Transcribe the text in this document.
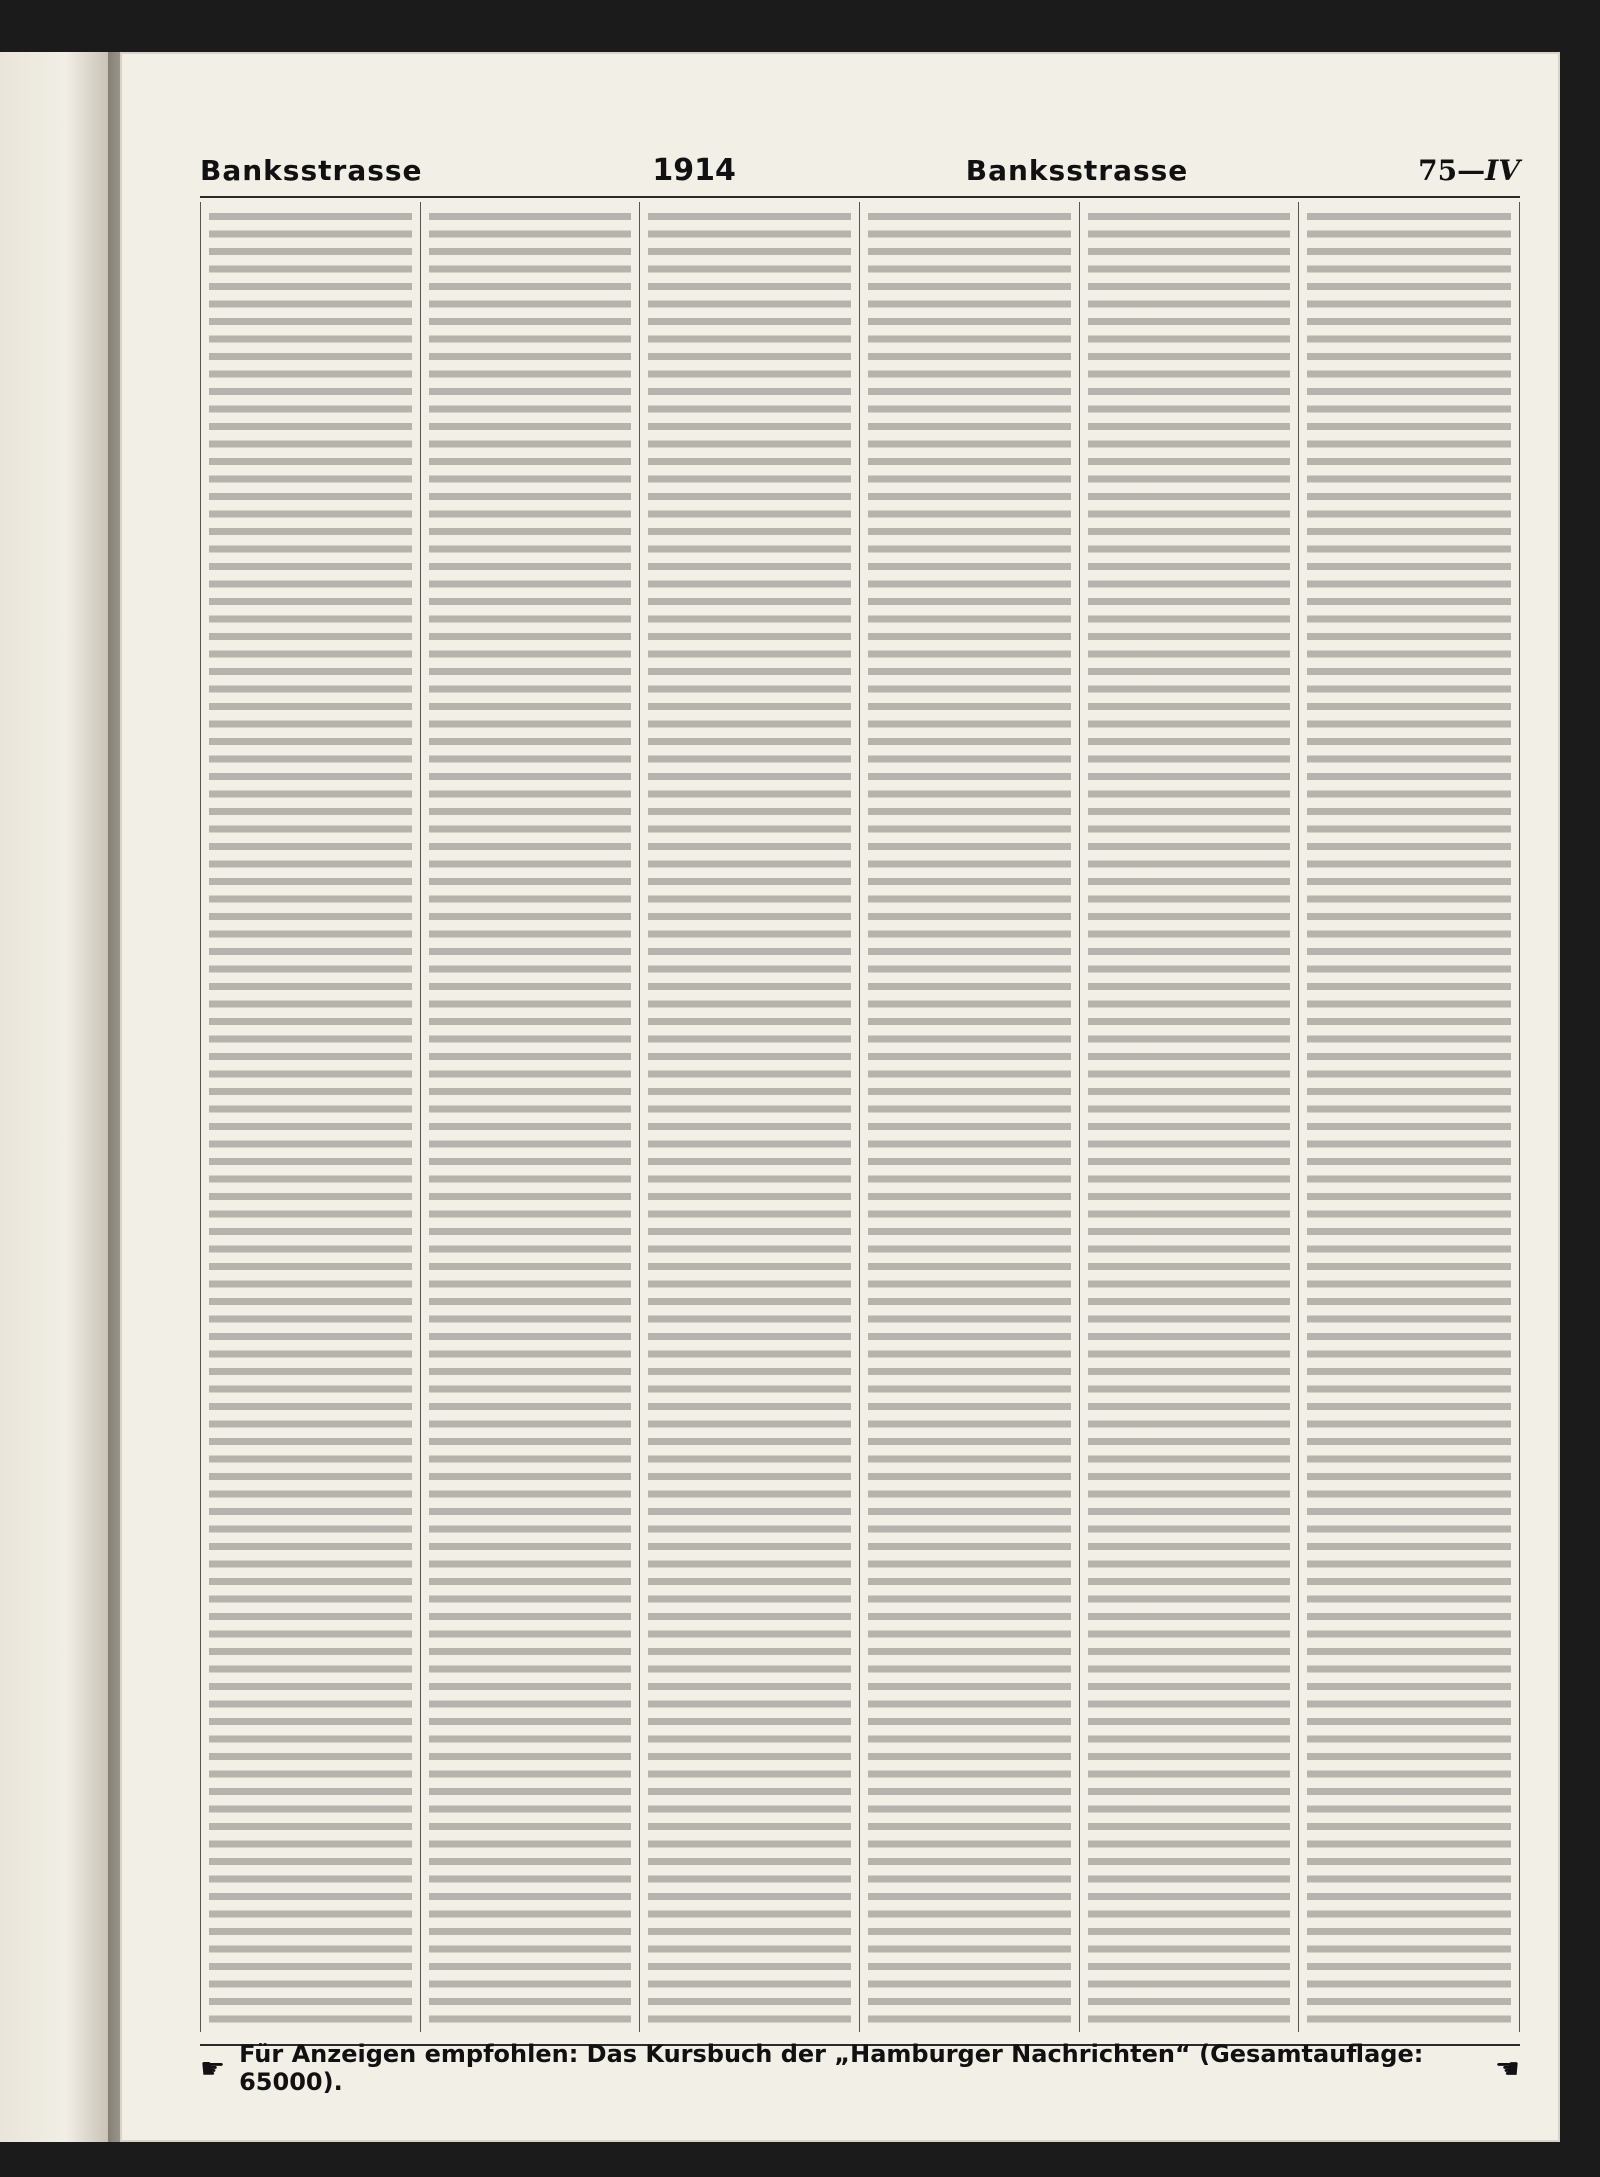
Banksstrasse	1914	Banksstrasse	75—IV
☛ Für Anzeigen empfohlen: Das Kursbuch der „Hamburger Nachrichten“ (Gesamtauflage: 65000).	☚
